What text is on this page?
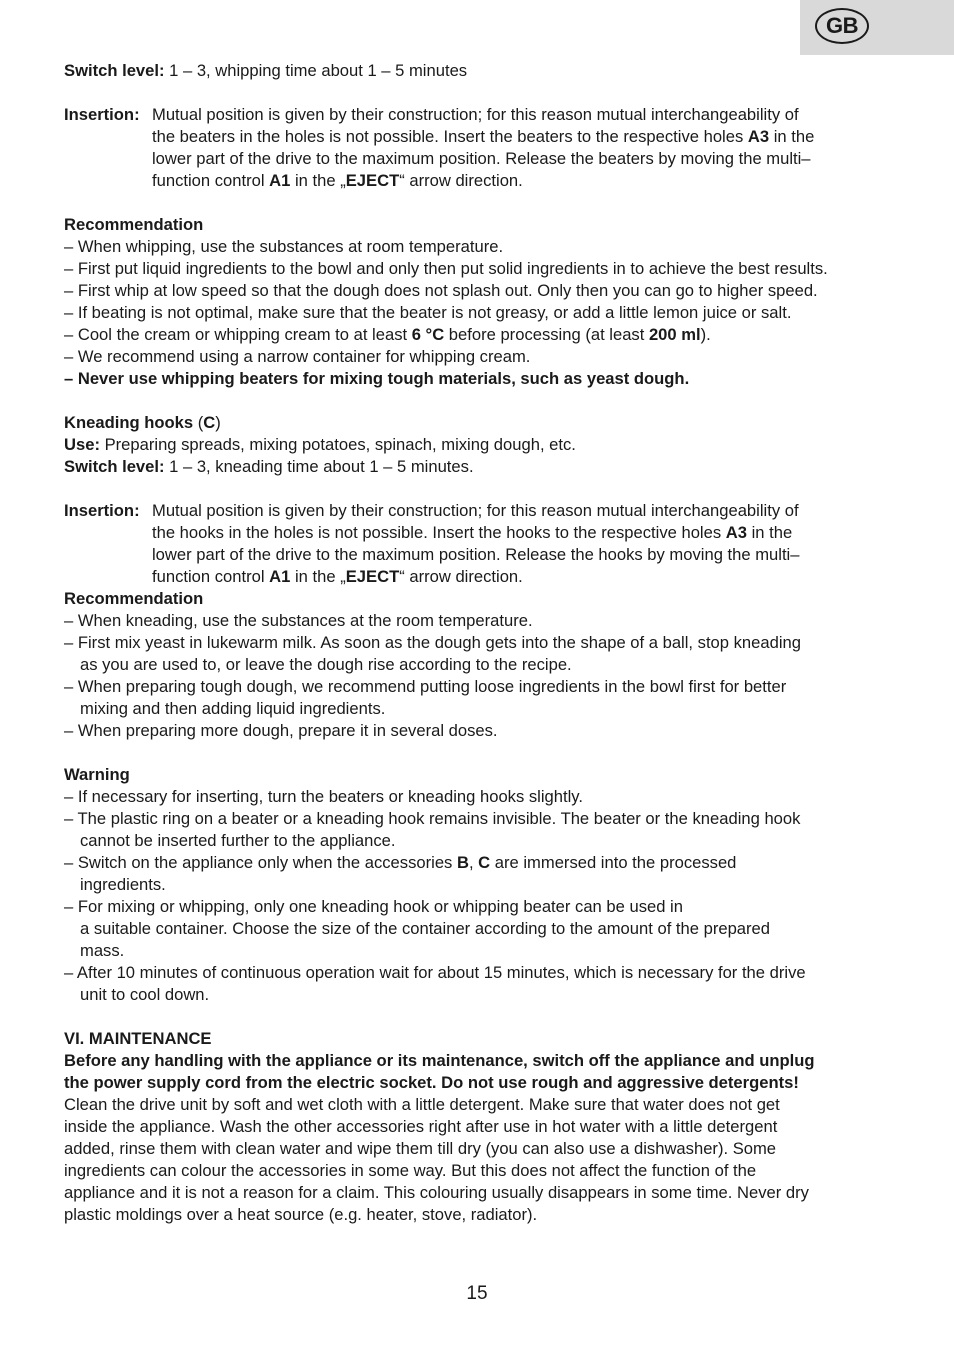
GB
Switch level: 1 – 3, whipping time about 1 – 5 minutes
Insertion: Mutual position is given by their construction; for this reason mutual interchangeability of
the beaters in the holes is not possible. Insert the beaters to the respective holes A3 in the
lower part of the drive to the maximum position. Release the beaters by moving the multi–
function control A1 in the „EJECT“ arrow direction.
Recommendation
– When whipping, use the substances at room temperature.
– First put liquid ingredients to the bowl and only then put solid ingredients in to achieve the best results.
– First whip at low speed so that the dough does not splash out. Only then you can go to higher speed.
– If beating is not optimal, make sure that the beater is not greasy, or add a little lemon juice or salt.
– Cool the cream or whipping cream to at least 6 °C before processing (at least 200 ml).
– We recommend using a narrow container for whipping cream.
– Never use whipping beaters for mixing tough materials, such as yeast dough.
Kneading hooks (C)
Use: Preparing spreads, mixing potatoes, spinach, mixing dough, etc.
Switch level: 1 – 3, kneading time about 1 – 5 minutes.
Insertion: Mutual position is given by their construction; for this reason mutual interchangeability of
the hooks in the holes is not possible. Insert the hooks to the respective holes A3 in the
lower part of the drive to the maximum position. Release the hooks by moving the multi–
function control A1 in the „EJECT“ arrow direction.
Recommendation
– When kneading, use the substances at the room temperature.
– First mix yeast in lukewarm milk. As soon as the dough gets into the shape of a ball, stop kneading
as you are used to, or leave the dough rise according to the recipe.
– When preparing tough dough, we recommend putting loose ingredients in the bowl first for better
mixing and then adding liquid ingredients.
– When preparing more dough, prepare it in several doses.
Warning
– If necessary for inserting, turn the beaters or kneading hooks slightly.
– The plastic ring on a beater or a kneading hook remains invisible. The beater or the kneading hook
cannot be inserted further to the appliance.
– Switch on the appliance only when the accessories B, C are immersed into the processed
ingredients.
– For mixing or whipping, only one kneading hook or whipping beater can be used in
a suitable container. Choose the size of the container according to the amount of the prepared
mass.
– After 10 minutes of continuous operation wait for about 15 minutes, which is necessary for the drive
unit to cool down.
VI. MAINTENANCE
Before any handling with the appliance or its maintenance, switch off the appliance and unplug
the power supply cord from the electric socket. Do not use rough and aggressive detergents!
Clean the drive unit by soft and wet cloth with a little detergent. Make sure that water does not get
inside the appliance. Wash the other accessories right after use in hot water with a little detergent
added, rinse them with clean water and wipe them till dry (you can also use a dishwasher). Some
ingredients can colour the accessories in some way. But this does not affect the function of the
appliance and it is not a reason for a claim. This colouring usually disappears in some time. Never dry
plastic moldings over a heat source (e.g. heater, stove, radiator).
15
